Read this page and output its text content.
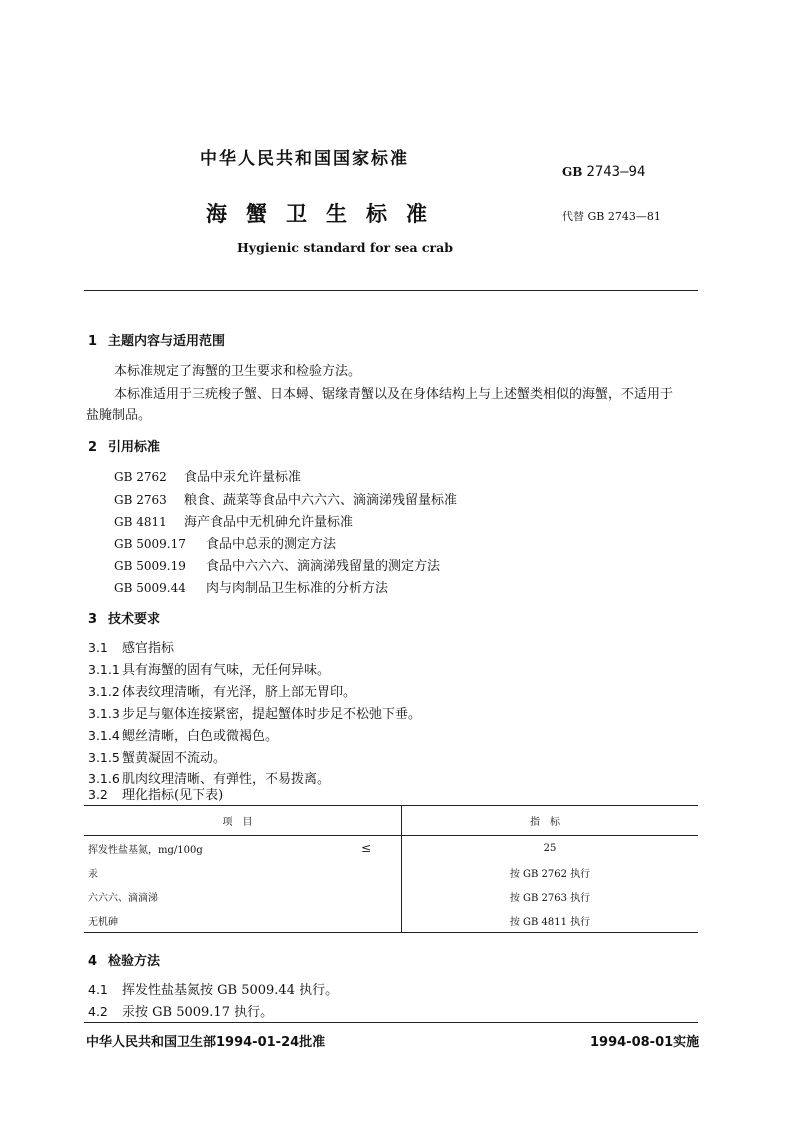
中华人民共和国国家标准
GB 2743—94
海蟹卫生标准	代替 GB 2743—81
Hygienic standard for sea crab
1 主题内容与适用范围
本标准规定了海蟹的卫生要求和检验方法。
本标准适用于三疣梭子蟹、日本蟳、锯缘青蟹以及在身体结构上与上述蟹类相似的海蟹，不适用于
盐腌制品。
2 引用标准
GB 2762 食品中汞允许量标准
GB 2763 粮食、蔬菜等食品中六六六、滴滴涕残留量标准
GB 4811 海产食品中无机砷允许量标准
GB 5009.17 食品中总汞的测定方法
GB 5009.19 食品中六六六、滴滴涕残留量的测定方法
GB 5009.44 肉与肉制品卫生标准的分析方法
3 技术要求
3.1 感官指标
3.1.1 具有海蟹的固有气味，无任何异味。
3.1.2 体表纹理清晰，有光泽，脐上部无胃印。
3.1.3 步足与躯体连接紧密，提起蟹体时步足不松弛下垂。
3.1.4 鳃丝清晰，白色或微褐色。
3.1.5 蟹黄凝固不流动。
3.1.6 肌肉纹理清晰、有弹性，不易拨离。
3.2 理化指标(见下表)
项目	指标
挥发性盐基氮，mg/100g ≤	25
汞	按 GB 2762 执行
六六六、滴滴涕	按 GB 2763 执行
无机砷	按 GB 4811 执行
4 检验方法
4.1 挥发性盐基氮按 GB 5009.44 执行。
4.2 汞按 GB 5009.17 执行。
中华人民共和国卫生部1994-01-24批准	1994-08-01实施
